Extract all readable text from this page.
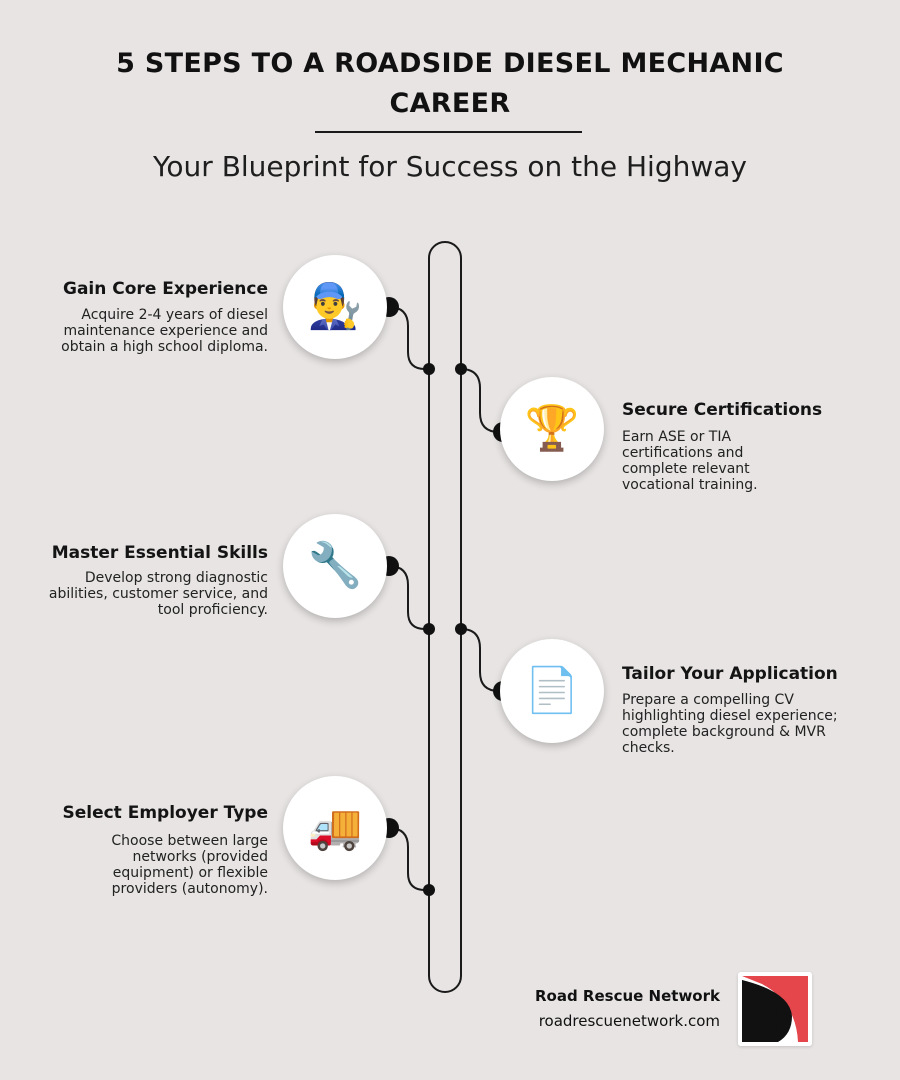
5 STEPS TO A ROADSIDE DIESEL MECHANIC CAREER
Your Blueprint for Success on the Highway
👨‍🔧
Gain Core Experience
Acquire 2-4 years of diesel maintenance experience and obtain a high school diploma.
🏆	Secure Certifications
Earn ASE or TIA certifications and complete relevant vocational training.
🔧
Master Essential Skills
Develop strong diagnostic abilities, customer service, and tool proficiency.
📄	Tailor Your Application
Prepare a compelling CV highlighting diesel experience; complete background & MVR checks.
🚚
Select Employer Type
Choose between large networks (provided equipment) or flexible providers (autonomy).
Road Rescue Network
roadrescuenetwork.com
